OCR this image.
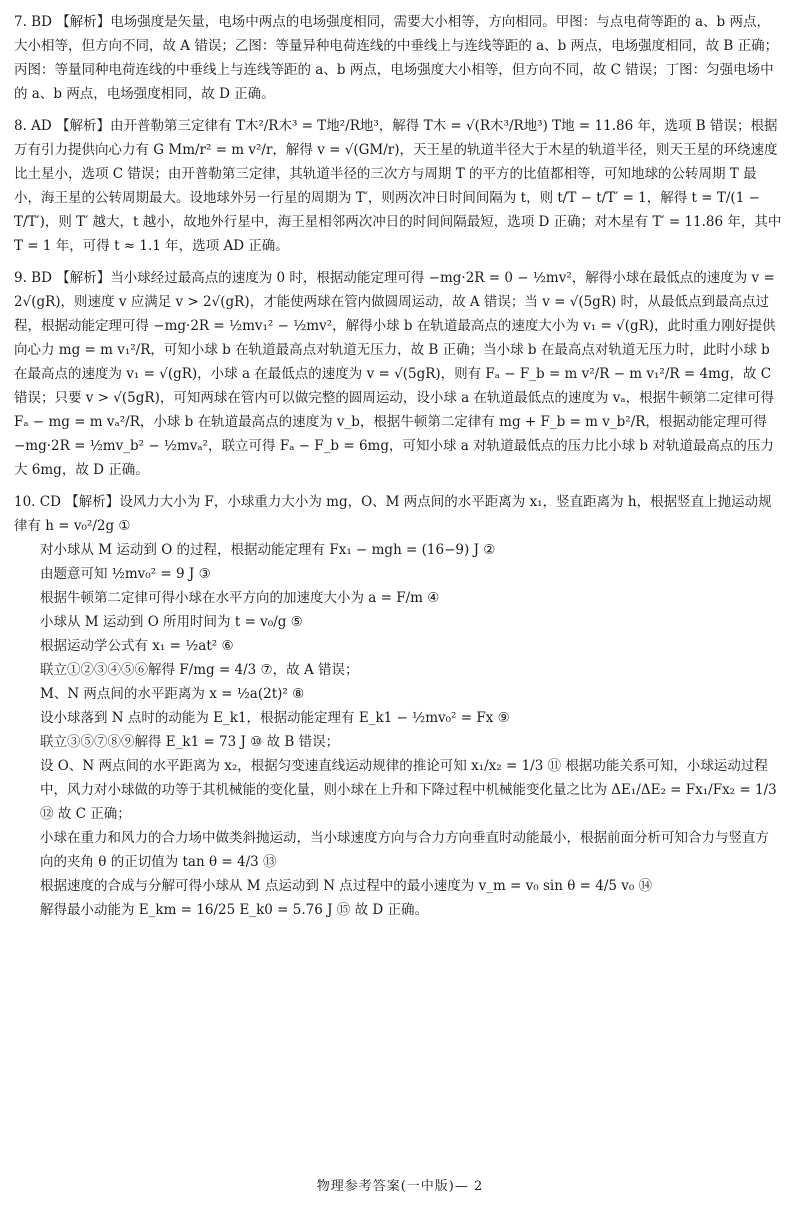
7. BD 【解析】电场强度是矢量，电场中两点的电场强度相同，需要大小相等，方向相同。甲图：与点电荷等距的 a、b 两点，大小相等，但方向不同，故 A 错误；乙图：等量异种电荷连线的中垂线上与连线等距的 a、b 两点，电场强度相同，故 B 正确；丙图：等量同种电荷连线的中垂线上与连线等距的 a、b 两点，电场强度大小相等，但方向不同，故 C 错误；丁图：匀强电场中的 a、b 两点，电场强度相同，故 D 正确。

8. AD 【解析】由开普勒第三定律有 T木²/R木³ = T地²/R地³，解得 T木 = √(R木³/R地³) T地 = 11.86 年，选项 B 错误；根据万有引力提供向心力有 G Mm/r² = m v²/r，解得 v = √(GM/r)，天王星的轨道半径大于木星的轨道半径，则天王星的环绕速度比土星小，选项 C 错误；由开普勒第三定律，其轨道半径的三次方与周期 T 的平方的比值都相等，可知地球的公转周期 T 最小，海王星的公转周期最大。设地球外另一行星的周期为 T′，则两次冲日时间间隔为 t，则 t/T − t/T′ = 1，解得 t = T/(1 − T/T′)，则 T′ 越大，t 越小，故地外行星中，海王星相邻两次冲日的时间间隔最短，选项 D 正确；对木星有 T′ = 11.86 年，其中 T = 1 年，可得 t ≈ 1.1 年，选项 AD 正确。

9. BD 【解析】当小球经过最高点的速度为 0 时，根据动能定理可得 −mg·2R = 0 − ½mv²，解得小球在最低点的速度为 v = 2√(gR)，则速度 v 应满足 v > 2√(gR)，才能使两球在管内做圆周运动，故 A 错误；当 v = √(5gR) 时，从最低点到最高点过程，根据动能定理可得 −mg·2R = ½mv₁² − ½mv²，解得小球 b 在轨道最高点的速度大小为 v₁ = √(gR)，此时重力刚好提供向心力 mg = m v₁²/R，可知小球 b 在轨道最高点对轨道无压力，故 B 正确；当小球 b 在最高点对轨道无压力时，此时小球 b 在最高点的速度为 v₁ = √(gR)，小球 a 在最低点的速度为 v = √(5gR)，则有 Fₐ − F_b = m v²/R − m v₁²/R = 4mg，故 C 错误；只要 v > √(5gR)，可知两球在管内可以做完整的圆周运动，设小球 a 在轨道最低点的速度为 vₐ，根据牛顿第二定律可得 Fₐ − mg = m vₐ²/R，小球 b 在轨道最高点的速度为 v_b，根据牛顿第二定律有 mg + F_b = m v_b²/R，根据动能定理可得 −mg·2R = ½mv_b² − ½mvₐ²，联立可得 Fₐ − F_b = 6mg，可知小球 a 对轨道最低点的压力比小球 b 对轨道最高点的压力大 6mg，故 D 正确。

10. CD 【解析】设风力大小为 F，小球重力大小为 mg，O、M 两点间的水平距离为 x₁，竖直距离为 h，根据竖直上抛运动规律有 h = v₀²/2g ①

对小球从 M 运动到 O 的过程，根据动能定理有 Fx₁ − mgh = (16−9) J ②

由题意可知 ½mv₀² = 9 J ③

根据牛顿第二定律可得小球在水平方向的加速度大小为 a = F/m ④

小球从 M 运动到 O 所用时间为 t = v₀/g ⑤

根据运动学公式有 x₁ = ½at² ⑥

联立①②③④⑤⑥解得 F/mg = 4/3 ⑦，故 A 错误；

M、N 两点间的水平距离为 x = ½a(2t)² ⑧

设小球落到 N 点时的动能为 E_k1，根据动能定理有 E_k1 − ½mv₀² = Fx ⑨

联立③⑤⑦⑧⑨解得 E_k1 = 73 J ⑩ 故 B 错误；

设 O、N 两点间的水平距离为 x₂，根据匀变速直线运动规律的推论可知 x₁/x₂ = 1/3 ⑪ 根据功能关系可知，小球运动过程中，风力对小球做的功等于其机械能的变化量，则小球在上升和下降过程中机械能变化量之比为 ΔE₁/ΔE₂ = Fx₁/Fx₂ = 1/3 ⑫ 故 C 正确；

小球在重力和风力的合力场中做类斜抛运动，当小球速度方向与合力方向垂直时动能最小，根据前面分析可知合力与竖直方向的夹角 θ 的正切值为 tan θ = 4/3 ⑬

根据速度的合成与分解可得小球从 M 点运动到 N 点过程中的最小速度为 v_m = v₀ sin θ = 4/5 v₀ ⑭

解得最小动能为 E_km = 16/25 E_k0 = 5.76 J ⑮ 故 D 正确。

物理参考答案(一中版)— 2
